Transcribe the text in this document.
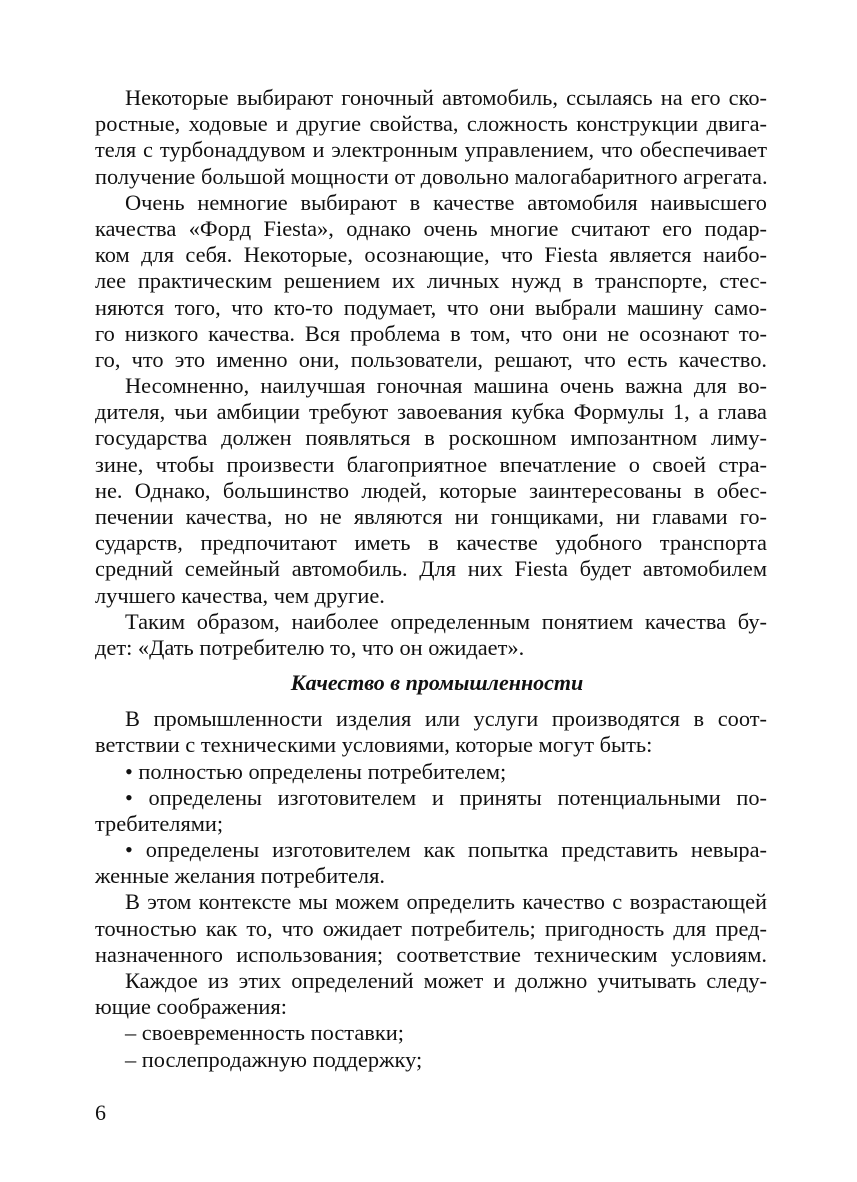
Некоторые выбирают гоночный автомобиль, ссылаясь на его ско-
ростные, ходовые и другие свойства, сложность конструкции двига-
теля с турбонаддувом и электронным управлением, что обеспечивает
получение большой мощности от довольно малогабаритного агрегата.
Очень немногие выбирают в качестве автомобиля наивысшего
качества «Форд Fiesta», однако очень многие считают его подар-
ком для себя. Некоторые, осознающие, что Fiesta является наибо-
лее практическим решением их личных нужд в транспорте, стес-
няются того, что кто-то подумает, что они выбрали машину само-
го низкого качества. Вся проблема в том, что они не осознают то-
го, что это именно они, пользователи, решают, что есть качество.
Несомненно, наилучшая гоночная машина очень важна для во-
дителя, чьи амбиции требуют завоевания кубка Формулы 1, а глава
государства должен появляться в роскошном импозантном лиму-
зине, чтобы произвести благоприятное впечатление о своей стра-
не. Однако, большинство людей, которые заинтересованы в обес-
печении качества, но не являются ни гонщиками, ни главами го-
сударств, предпочитают иметь в качестве удобного транспорта
средний семейный автомобиль. Для них Fiesta будет автомобилем
лучшего качества, чем другие.
Таким образом, наиболее определенным понятием качества бу-
дет: «Дать потребителю то, что он ожидает».
Качество в промышленности
В промышленности изделия или услуги производятся в соот-
ветствии с техническими условиями, которые могут быть:
• полностью определены потребителем;
• определены изготовителем и приняты потенциальными по-
требителями;
• определены изготовителем как попытка представить невыра-
женные желания потребителя.
В этом контексте мы можем определить качество с возрастающей
точностью как то, что ожидает потребитель; пригодность для пред-
назначенного использования; соответствие техническим условиям.
Каждое из этих определений может и должно учитывать следу-
ющие соображения:
– своевременность поставки;
– послепродажную поддержку;
6
